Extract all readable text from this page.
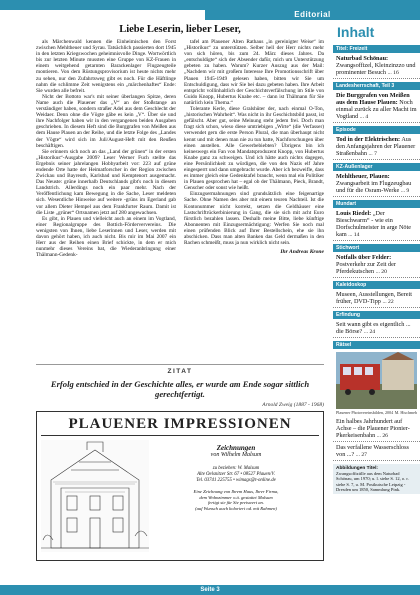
Editorial
Liebe Leserin, lieber Leser,

als Märchenwald kennen die Einheimischen den Forst zwischen Mehltheuer und Syrau. Tatsächlich passierten dort 1945 in den letzten Kriegswochen geheimnisvolle Dinge. Wortwörtlich bis zur letzten Minute mussten eine Gruppe von KZ-Frauen in einem weitgehend getarnten Barackenlager Flugzeugteile montieren. Von dem Rüstungsprovisorium ist heute nichts mehr zu sehen, nur den Zufahrtsweg gibt es noch. Für die Häftlinge nahm die schlimme Zeit wenigstens ein „märchenhaftes“ Ende: Sie wurden alle befreit.

Nicht der Bottoto war's mit seiner überlangen Spitze, deren Name auch die Plauener das „V“ an der Stoßstange an verständiger haben, sondern straßer Adel aus dem Geschlecht der Weidaer. Denn ohne die Vögte gäbe es kein „V“. Über sie und ihre Nachfolger haben wir in den vergangenen beiden Ausgaben geschrieben. In diesem Heft sind die Burggrafen von Meißen aus dem Hause Plauen an der Reihe, und die letzte Folge des „Landes der Vögte“ wird sich im Juli/August-Heft mit den Reußen beschäftigen.

Sie erinnern sich noch an das „Land der grünen“ in der ersten „Historikus“-Ausgabe 2009? Leser Werner Fuch stellte das Ergebnis seiner jahrelangen Hobbyarbeit vor: 223 auf grüne endende Orte hatte der Heimatforscher in der Region zwischen Zwickau und Bayreuth, Karlsbad und Kemptenort ausgemacht. Das Neuste: grüne innerhalb Deutschlands gibt's noch in diesem Landstrich. Allerdings noch ein paar mehr. Nach der Veröffentlichung kam Bewegung in die Sache, Leser meldeten sich. Wesentliche Hinweise auf weitere -grüns im Egerland gab vor allem Dieter Hempel aus dem Frankfurter Raum. Damit ist die Liste „grüner“ Ortsnamen jetzt auf 280 angewachsen.

Es gibt, in Plauen und vielleicht auch an einem im Vogtland, einer Regionalgruppe des Bottich-Förderververeins. Die wenigsten von Ihnen, liebe Leserinnen und Leser, werden mit davon gehört haben, ich auch nicht. Bis mir im Mai 2007 ein Herr aus der Reihen einen Brief schickte, in dem er mich nunmehr dieses Vereins bat, die Wiederanbringung einer Thälmann-Gedenk-

tafel am Plauener Alten Rathaus „in gereinigter Weise“ im „Historikus“ zu unterstützen. Selber hell der Herr nichts mehr von sich hören, bis zum 24. März dieses Jahres. Da „entschuldigte“ sich der Absender dafür, mich um Unterstützung gebeten zu haben. Warum? Kurzer Auszug aus der Mail: „Nachdem wir mit großem Interesse Ihre Promotionsschrift über Plauen 1945-1949 gelesen haben, bitten wir Sie um Entschuldigung, dass wir Sie bei dazu gebeten haben. Ihre Arbeit entspricht vollinhaltlich der Geschichtsverfälschung im Stile von Guido Knopp, Hubertus Knabe etc. – dann ist Thälmann für Sie natürlich kein Thema.“

Tolerante Kerle, diese Gralshüter der, nach einmal O-Ton, „historischen Wahrheit“. Was nicht in ihr Geschichtsbild passt, ist gefälscht. Aber gut, seine Meinung steht jedem frei. Doch man fragt sich schon, wieso diese umtriebigen „Wirte“ (die Verfasser) verwendet gern die erste Person Plural, die man überhaupt nicht kennt und mit denen man nie zu tun hatte, Nachforschungen über einen anstellen. Alle Gewerbebiebten? Übrigens bin ich keineswegs ein Fan von Mandatsproduzent Knopp, von Hubertus Knabe ganz zu schweigen. Und ich hätte auch nichts dagegen, eine Persönlichkeit zu würdigen, die von den Nazis elf Jahre eingesperrt und dann umgebracht wurde. Aber ich bezweifle, dass es immer gleich eine Gedenktafel braucht, wenn mal ein Politiker in Plauen gesprochen hat – egal ob der Thälmann, Pieck, Brandt, Genscher oder sonst wie heißt.

Einzugsermahnungen sind grundsätzlich eine feigenartige Sache. Ohne Namen des aber mit einem teuren Nachteil. Ist die Kontonummer nicht korrekt, setzen die Geldhäuser eine Lastschriftrückerbinierung in Gang, die sie sich mit acht Euro fürstlich bezahlen lassen. Deshalb meine Bitte, liebe künftige Abonnenten mit Einzugsermächtigung: Werfen Sie noch mal einen prüfenden Blick auf Ihrer Bestellschein, ehe sie ihn abschicken. Dass man alten Banken das Geld dermaßen in den Rachen schmeißt, muss ja nun wirklich nicht sein.

Ihr Andreas Krone
ZITAT
Erfolg entschied in der Geschichte alles, er wurde am Ende sogar sittlich gerechtfertigt.
Arnold Zweig (1887 - 1968)
PLAUENER IMPRESSIONEN
Zeichnungen
von Wilhelm Malsum
zu beziehen: W. Malsum
Alte Oelsnitzer Str. 67 • 08527 Plauen/V.
Tel. 03741 225755 • wimags@t-online.de
Eine Zeichnung von Ihrem Haus, Ihrer Firma,
dem Wohnzimmer o.ä. gestattet Malsum
fertigt sie für Sie preiswert an.
(auf Wunsch auch koloriert od. mit Rahmen)
Inhalt
Titel: Freizeit
Naturbad Schönau: Zwangsoffizel, Kleinzinzzo und prominenter Besuch ... 16
Landesherrschaft, Teil 3
Die Burggrafen von Meißen aus dem Hause Plauen: Noch einmal zurück zu aller Macht im Vogtland ... 4
Episode
Tod in der Elektrischen: Aus den Anfangsjahren der Plauener Straßenbahn ... 7
KZ-Außenlager
Mehltheuer, Plauen: Zwangsarbeit im Flugzeugbau und für die Osram-Werke ... 9
Mundart
Louis Riedel: „Der Bieschwarm“ - wie ein Dorfschulmeister in arge Nöte kam ... 14
Stichwort
Notfalls über Felder: Postverkehr zur Zeit der Pferdekutschen ... 20
Kaleidoskop
Museen, Ausstellungen, Bereit früher, DVD-Tipp ... 22
Erfindung
Seit wann gibt es eigentlich ... die Börse? ... 24
Rätsel
Plauener Photovereinsbilden, 2004 M. Hischmeb
Ein halbes Jahrhundert auf Achse – die Plauener Pionier-Pkerkeisenbahn ... 26
Das verfallene Wasserschloss von ...? ... 27
Abbildungen Titel:
Zwangsoffizitlle aus dem Naturbad Schönau, um 1970; u. l. siehe S. 12, o. r. siehe S. 7, u. M. Postkutsche Leipzig - Dresden um 1850, Sammlung Pink.
Seite 3
